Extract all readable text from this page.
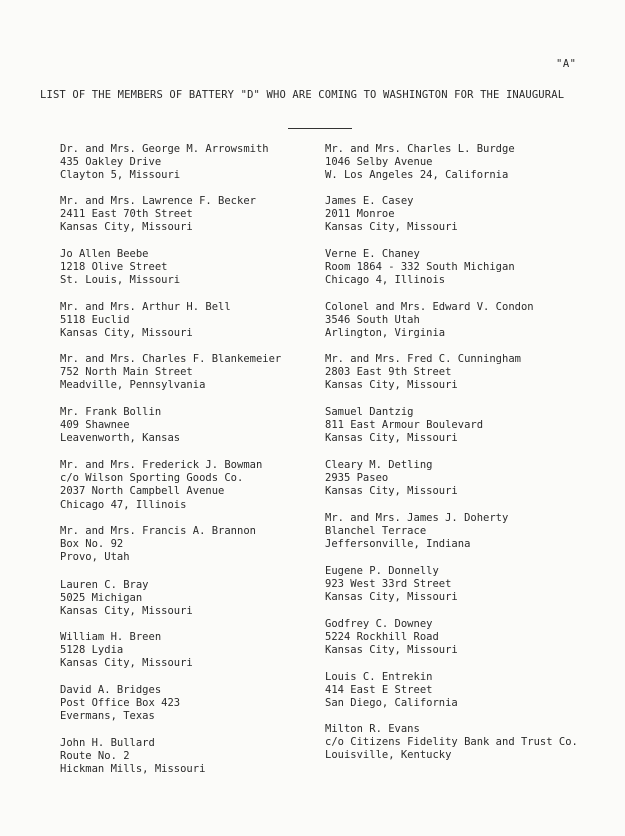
"A"
LIST OF THE MEMBERS OF BATTERY "D" WHO ARE COMING TO WASHINGTON FOR THE INAUGURAL
Dr. and Mrs. George M. Arrowsmith
435 Oakley Drive
Clayton 5, Missouri
Mr. and Mrs. Lawrence F. Becker
2411 East 70th Street
Kansas City, Missouri
Jo Allen Beebe
1218 Olive Street
St. Louis, Missouri
Mr. and Mrs. Arthur H. Bell
5118 Euclid
Kansas City, Missouri
Mr. and Mrs. Charles F. Blankemeier
752 North Main Street
Meadville, Pennsylvania
Mr. Frank Bollin
409 Shawnee
Leavenworth, Kansas
Mr. and Mrs. Frederick J. Bowman
c/o Wilson Sporting Goods Co.
2037 North Campbell Avenue
Chicago 47, Illinois
Mr. and Mrs. Francis A. Brannon
Box No. 92
Provo, Utah
Lauren C. Bray
5025 Michigan
Kansas City, Missouri
William H. Breen
5128 Lydia
Kansas City, Missouri
David A. Bridges
Post Office Box 423
Evermans, Texas
John H. Bullard
Route No. 2
Hickman Mills, Missouri
Mr. and Mrs. Charles L. Burdge
1046 Selby Avenue
W. Los Angeles 24, California
James E. Casey
2011 Monroe
Kansas City, Missouri
Verne E. Chaney
Room 1864 - 332 South Michigan
Chicago 4, Illinois
Colonel and Mrs. Edward V. Condon
3546 South Utah
Arlington, Virginia
Mr. and Mrs. Fred C. Cunningham
2803 East 9th Street
Kansas City, Missouri
Samuel Dantzig
811 East Armour Boulevard
Kansas City, Missouri
Cleary M. Detling
2935 Paseo
Kansas City, Missouri
Mr. and Mrs. James J. Doherty
Blanchel Terrace
Jeffersonville, Indiana
Eugene P. Donnelly
923 West 33rd Street
Kansas City, Missouri
Godfrey C. Downey
5224 Rockhill Road
Kansas City, Missouri
Louis C. Entrekin
414 East E Street
San Diego, California
Milton R. Evans
c/o Citizens Fidelity Bank and Trust Co.
Louisville, Kentucky
